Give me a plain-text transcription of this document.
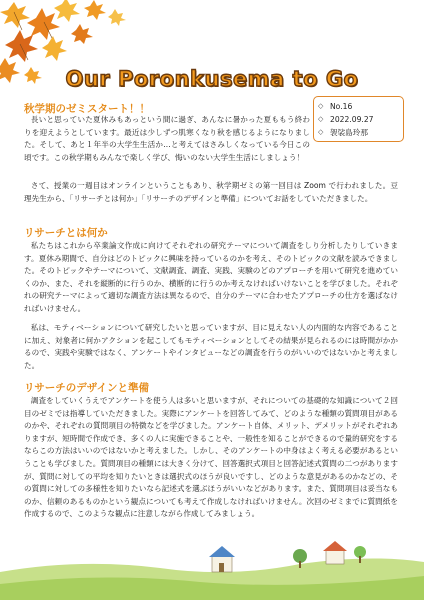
Our Poronkusema to Go
◇ No.16
◇ 2022.09.27
◇ 袈裟島玲那
秋学期のゼミスタート！！

長いと思っていた夏休みもあっという間に過ぎ、あんなに暑かった夏ももう終わりを迎えようとしています。最近は少しずつ肌寒くなり秋を感じるようになりました。そして、あと１年半の大学生生活か…と考えてはさみしくなっている今日この頃です。この秋学期もみんなで楽しく学び、悔いのない大学生生活にしましょう！

さて、授業の一週目はオンラインということもあり、秋学期ゼミの第一回目は Zoom で行われました。豆理先生から、「リサーチとは何か」「リサーチのデザインと準備」についてお話をしていただきました。

リサーチとは何か

私たちはこれから卒業論文作成に向けてそれぞれの研究テーマについて調査をしり分析したりしていきます。夏休み期間で、自分はどのトピックに興味を持っているのかを考え、そのトピックの文献を読みできました。そのトピックやテーマについて、文献調査、調査、実践、実験のどのアプローチを用いて研究を進めていくのか、また、それを縦断的に行うのか、横断的に行うのか考えなければいけないことを学びました。それぞれの研究テーマによって適切な調査方法は異なるので、自分のテーマに合わせたアプローチの仕方を選ばなければいけません。

私は、モティベーションについて研究したいと思っていますが、目に見えない人の内面的な内容であることに加え、対象者に何かアクションを起こしてもモティベーションとしてその結果が見られるのには時間がかかるので、実践や実験ではなく、アンケートやインタビューなどの調査を行うのがいいのではないかと考えました。

リサーチのデザインと準備

調査をしていくうえでアンケートを使う人は多いと思いますが、それについての基礎的な知識について２回目のゼミでは指導していただきました。実際にアンケートを回答してみて、どのような種類の質問項目があるのかや、それぞれの質問項目の特徴などを学びました。アンケート自体、メリット、デメリットがそれぞれありますが、短時間で作成でき、多くの人に実施できることや、一般性を知ることができるので量的研究をするならこの方法はいいのではないかと考えました。しかし、そのアンケートの中身はよく考える必要があるということも学びました。質問項目の種類には大きく分けて、回答選択式項目と回答記述式質問の二つがありますが、質問に対しての平均を知りたいときは選択式のほうが良いですし、どのような意見があるのかなどの、その質問に対しての多様性を知りたいなら記述式を選ぶほうがいいなどがあります。また、質問項目は妥当なものか、信頼のあるものかという観点についても考えて作成しなければいけません。次回のゼミまでに質問紙を作成するので、このような観点に注意しながら作成してみましょう。
